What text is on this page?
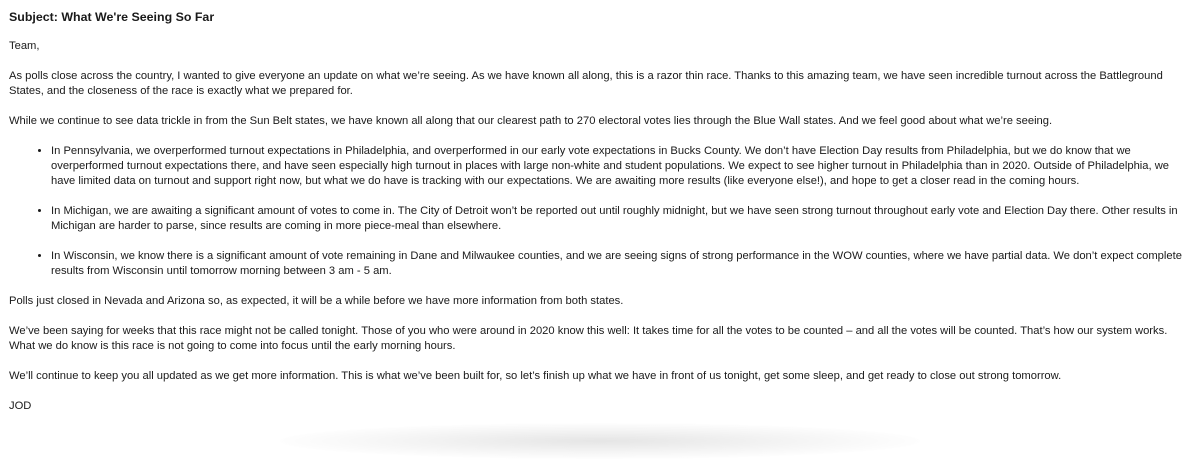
Subject: What We're Seeing So Far

Team,

As polls close across the country, I wanted to give everyone an update on what we’re seeing. As we have known all along, this is a razor thin race. Thanks to this amazing team, we have seen incredible turnout across the Battleground States, and the closeness of the race is exactly what we prepared for.

While we continue to see data trickle in from the Sun Belt states, we have known all along that our clearest path to 270 electoral votes lies through the Blue Wall states. And we feel good about what we’re seeing.

• In Pennsylvania, we overperformed turnout expectations in Philadelphia, and overperformed in our early vote expectations in Bucks County. We don’t have Election Day results from Philadelphia, but we do know that we overperformed turnout expectations there, and have seen especially high turnout in places with large non-white and student populations. We expect to see higher turnout in Philadelphia than in 2020. Outside of Philadelphia, we have limited data on turnout and support right now, but what we do have is tracking with our expectations. We are awaiting more results (like everyone else!), and hope to get a closer read in the coming hours.
• In Michigan, we are awaiting a significant amount of votes to come in. The City of Detroit won’t be reported out until roughly midnight, but we have seen strong turnout throughout early vote and Election Day there. Other results in Michigan are harder to parse, since results are coming in more piece-meal than elsewhere.
• In Wisconsin, we know there is a significant amount of vote remaining in Dane and Milwaukee counties, and we are seeing signs of strong performance in the WOW counties, where we have partial data. We don’t expect complete results from Wisconsin until tomorrow morning between 3 am - 5 am.

Polls just closed in Nevada and Arizona so, as expected, it will be a while before we have more information from both states.

We’ve been saying for weeks that this race might not be called tonight. Those of you who were around in 2020 know this well: It takes time for all the votes to be counted – and all the votes will be counted. That’s how our system works. What we do know is this race is not going to come into focus until the early morning hours.

We’ll continue to keep you all updated as we get more information. This is what we’ve been built for, so let’s finish up what we have in front of us tonight, get some sleep, and get ready to close out strong tomorrow.

JOD
